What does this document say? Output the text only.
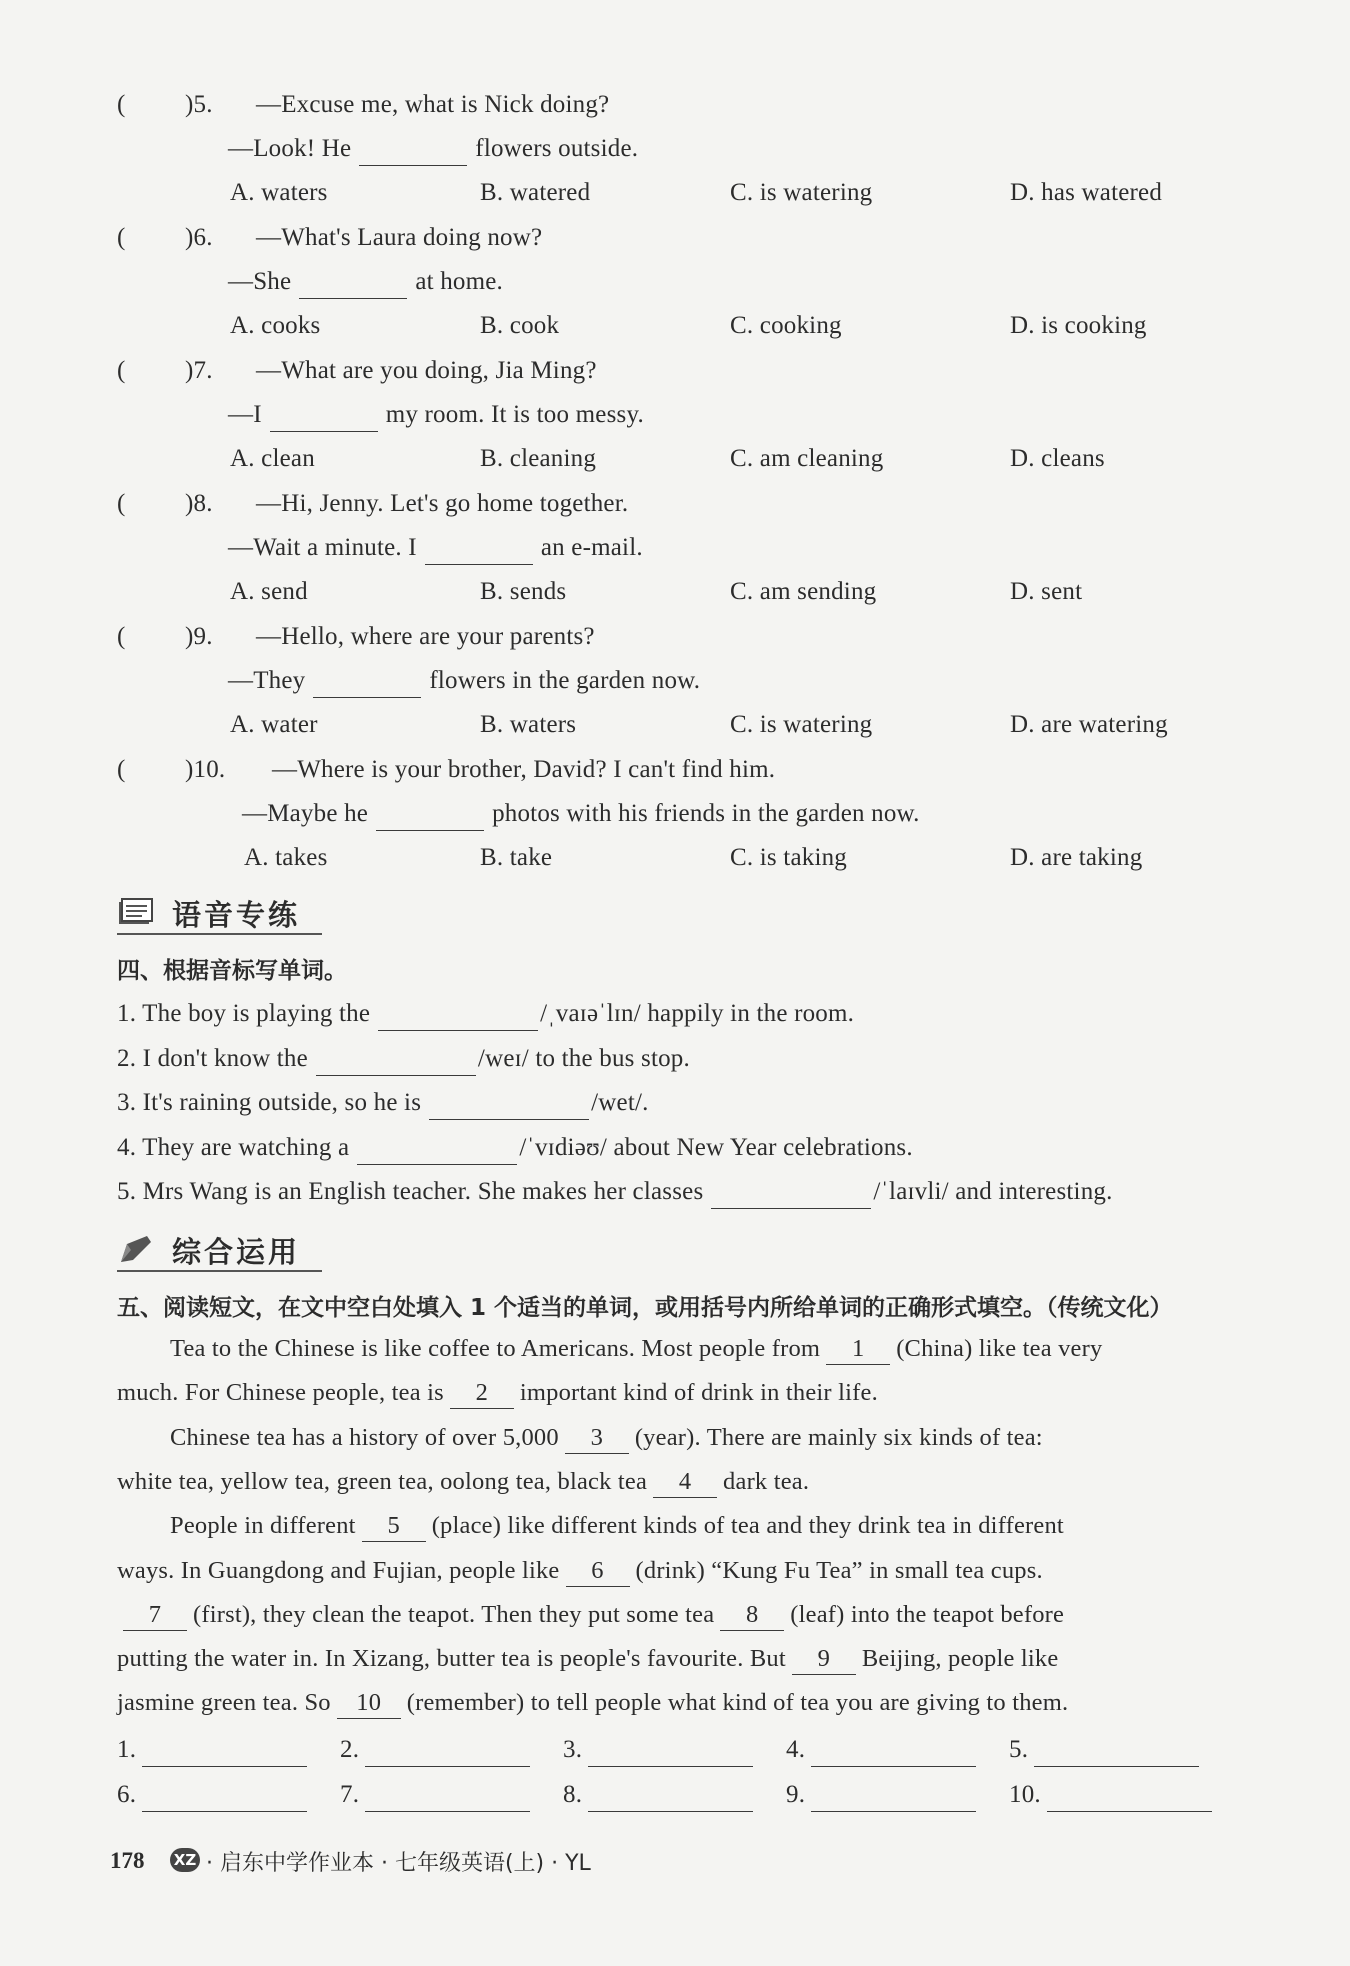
( )5. —Excuse me, what is Nick doing?
—Look! He	flowers outside.
A. waters	B. watered	C. is watering	D. has watered
( )6. —What's Laura doing now?
—She	at home.
A. cooks	B. cook	C. cooking	D. is cooking
( )7. —What are you doing, Jia Ming?
—I	my room. It is too messy.
A. clean	B. cleaning	C. am cleaning	D. cleans
( )8. —Hi, Jenny. Let's go home together.
—Wait a minute. I	an e-mail.
A. send	B. sends	C. am sending	D. sent
( )9. —Hello, where are your parents?
—They	flowers in the garden now.
A. water	B. waters	C. is watering	D. are watering
( )10. —Where is your brother, David? I can't find him.
—Maybe he	photos with his friends in the garden now.
A. takes	B. take	C. is taking	D. are taking
语音专练
四、根据音标写单词。
1. The boy is playing the	/ˌvaɪəˈlɪn/ happily in the room.
2. I don't know the	/weɪ/ to the bus stop.
3. It's raining outside, so he is	/wet/.
4. They are watching a	/ˈvɪdiəʊ/ about New Year celebrations.
5. Mrs Wang is an English teacher. She makes her classes	/ˈlaɪvli/ and interesting.
综合运用
五、阅读短文，在文中空白处填入 1 个适当的单词，或用括号内所给单词的正确形式填空。（传统文化）
Tea to the Chinese is like coffee to Americans. Most people from 1 (China) like tea very
much. For Chinese people, tea is 2 important kind of drink in their life.
Chinese tea has a history of over 5,000 3 (year). There are mainly six kinds of tea:
white tea, yellow tea, green tea, oolong tea, black tea 4 dark tea.
People in different 5 (place) like different kinds of tea and they drink tea in different
ways. In Guangdong and Fujian, people like 6 (drink) “Kung Fu Tea” in small tea cups.
7 (first), they clean the teapot. Then they put some tea 8 (leaf) into the teapot before
putting the water in. In Xizang, butter tea is people's favourite. But 9 Beijing, people like
jasmine green tea. So 10 (remember) to tell people what kind of tea you are giving to them.
1.	2.	3.	4.	5.
6.	7.	8.	9.	10.
178 XZ · 启东中学作业本 · 七年级英语(上) · YL
